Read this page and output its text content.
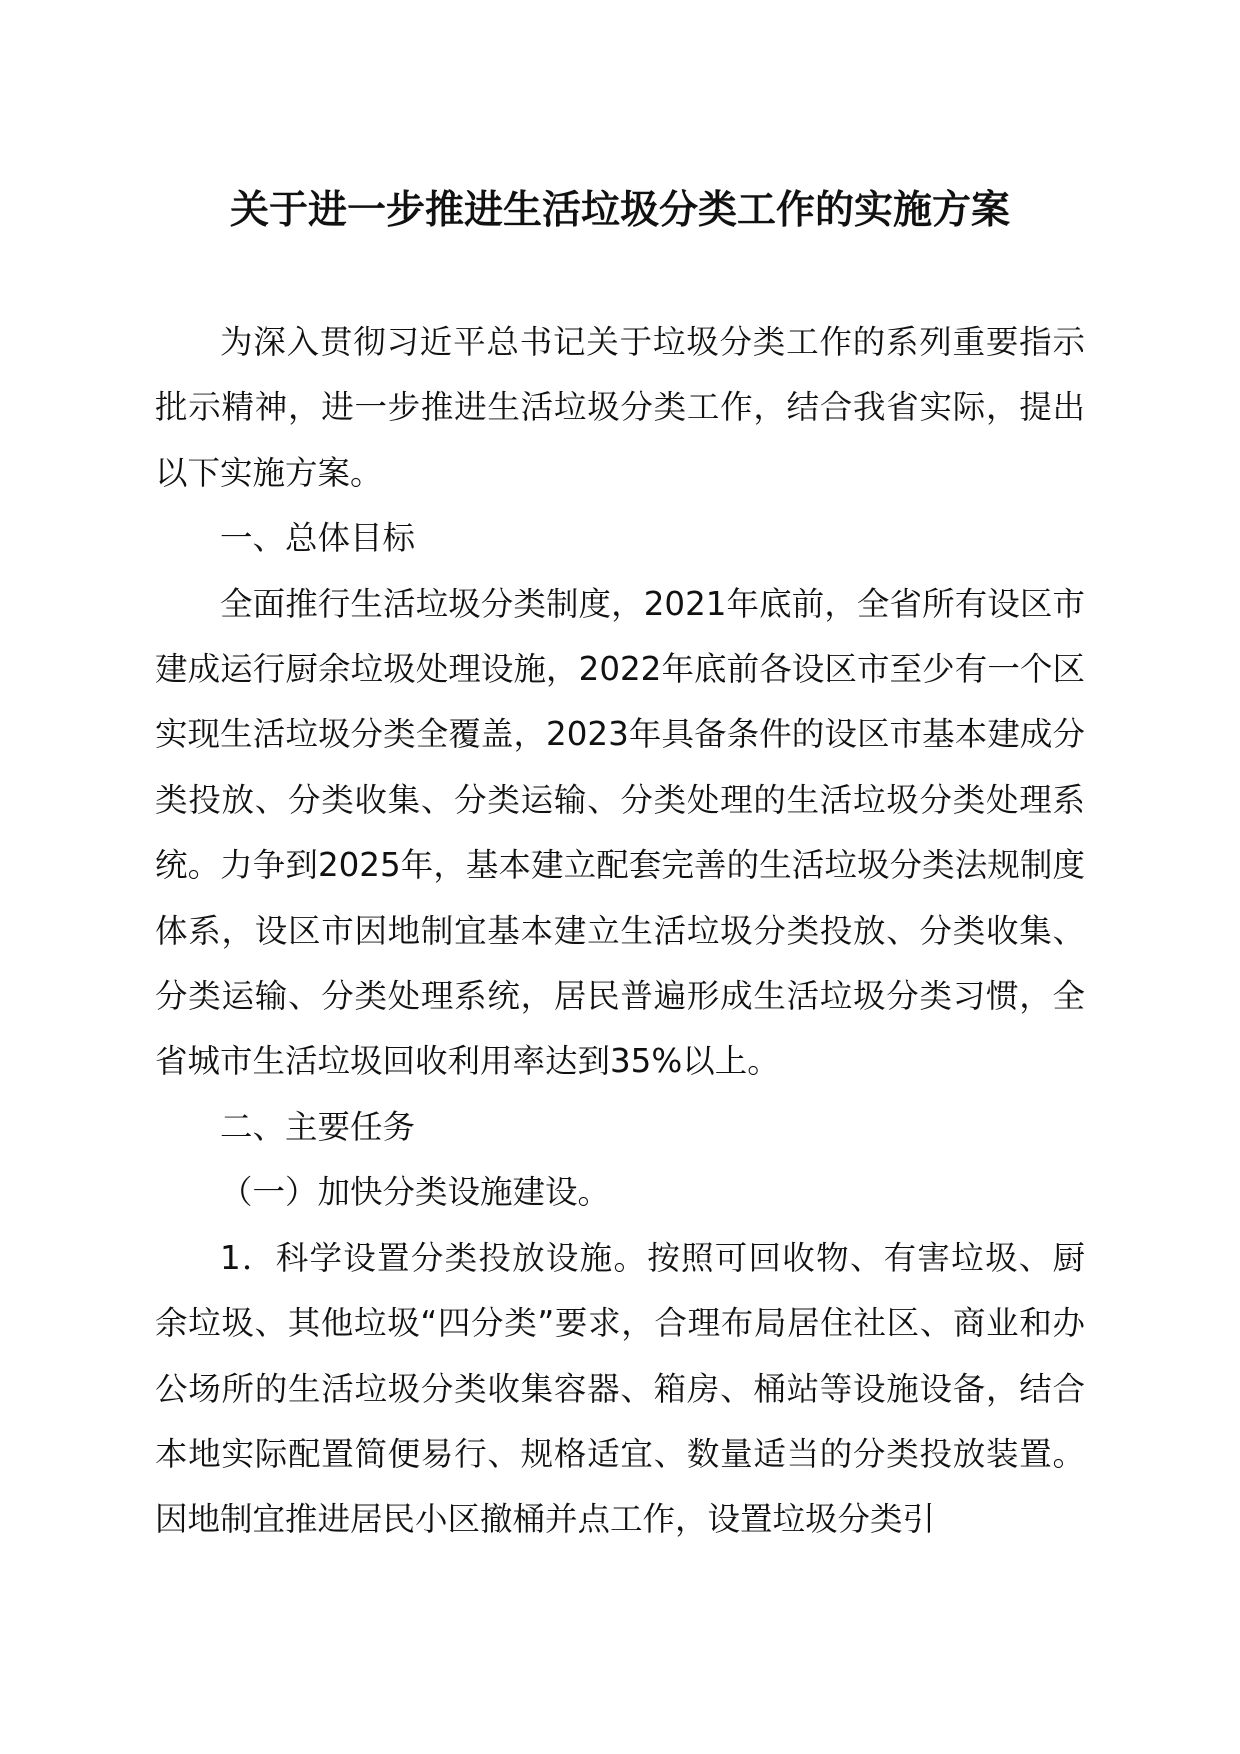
关于进一步推进生活垃圾分类工作的实施方案

为深入贯彻习近平总书记关于垃圾分类工作的系列重要指示批示精神，进一步推进生活垃圾分类工作，结合我省实际，提出以下实施方案。

一、总体目标

全面推行生活垃圾分类制度，2021年底前，全省所有设区市建成运行厨余垃圾处理设施，2022年底前各设区市至少有一个区实现生活垃圾分类全覆盖，2023年具备条件的设区市基本建成分类投放、分类收集、分类运输、分类处理的生活垃圾分类处理系统。力争到2025年，基本建立配套完善的生活垃圾分类法规制度体系，设区市因地制宜基本建立生活垃圾分类投放、分类收集、分类运输、分类处理系统，居民普遍形成生活垃圾分类习惯，全省城市生活垃圾回收利用率达到35%以上。

二、主要任务

（一）加快分类设施建设。

1．科学设置分类投放设施。按照可回收物、有害垃圾、厨余垃圾、其他垃圾“四分类”要求，合理布局居住社区、商业和办公场所的生活垃圾分类收集容器、箱房、桶站等设施设备，结合本地实际配置简便易行、规格适宜、数量适当的分类投放装置。因地制宜推进居民小区撤桶并点工作，设置垃圾分类引
